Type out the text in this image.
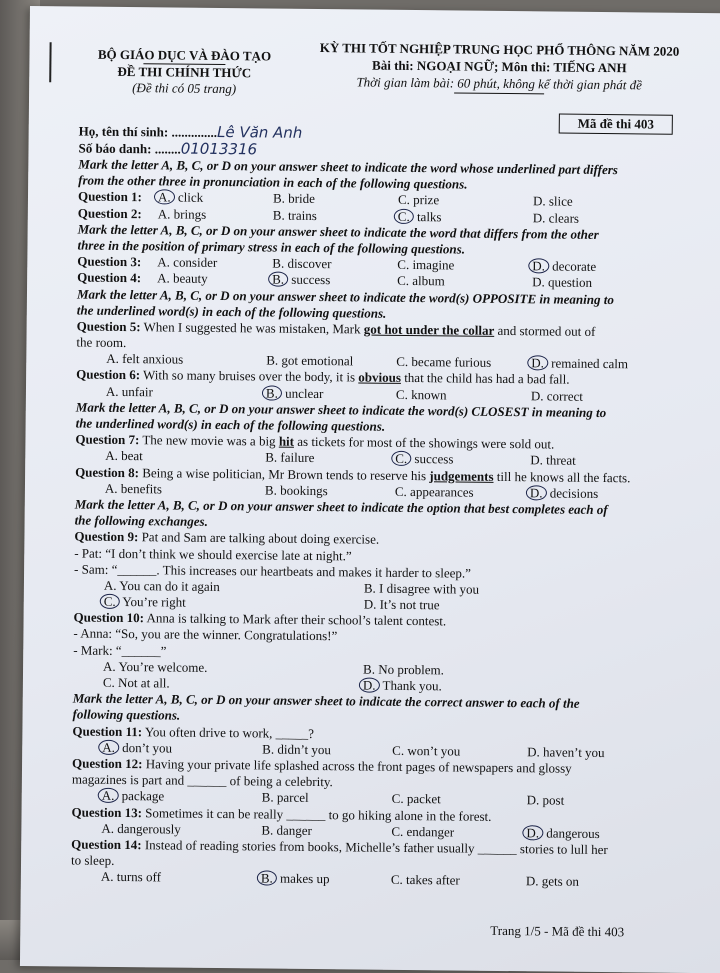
BỘ GIÁO DỤC VÀ ĐÀO TẠO
ĐỀ THI CHÍNH THỨC
(Đề thi có 05 trang)
KỲ THI TỐT NGHIỆP TRUNG HỌC PHỔ THÔNG NĂM 2020
Bài thi: NGOẠI NGỮ; Môn thi: TIẾNG ANH
Thời gian làm bài: 60 phút, không kể thời gian phát đề
Mã đề thi 403
Họ, tên thí sinh: ..............Lê Văn Anh
Số báo danh: ........01013316
Mark the letter A, B, C, or D on your answer sheet to indicate the word whose underlined part differs
from the other three in pronunciation in each of the following questions.
Question 1: A. click	B. bride	C. prize	D. slice
Question 2: A. brings	B. trains	C. talks	D. clears
Mark the letter A, B, C, or D on your answer sheet to indicate the word that differs from the other
three in the position of primary stress in each of the following questions.
Question 3: A. consider	B. discover	C. imagine	D. decorate
Question 4: A. beauty	B. success	C. album	D. question
Mark the letter A, B, C, or D on your answer sheet to indicate the word(s) OPPOSITE in meaning to
the underlined word(s) in each of the following questions.
Question 5: When I suggested he was mistaken, Mark got hot under the collar and stormed out of
the room.
A. felt anxious	B. got emotional	C. became furious	D. remained calm
Question 6: With so many bruises over the body, it is obvious that the child has had a bad fall.
A. unfair	B. unclear	C. known	D. correct
Mark the letter A, B, C, or D on your answer sheet to indicate the word(s) CLOSEST in meaning to
the underlined word(s) in each of the following questions.
Question 7: The new movie was a big hit as tickets for most of the showings were sold out.
A. beat	B. failure	C. success	D. threat
Question 8: Being a wise politician, Mr Brown tends to reserve his judgements till he knows all the facts.
A. benefits	B. bookings	C. appearances	D. decisions
Mark the letter A, B, C, or D on your answer sheet to indicate the option that best completes each of
the following exchanges.
Question 9: Pat and Sam are talking about doing exercise.
- Pat: “I don’t think we should exercise late at night.”
- Sam: “______. This increases our heartbeats and makes it harder to sleep.”
A. You can do it again	B. I disagree with you
C. You’re right	D. It’s not true
Question 10: Anna is talking to Mark after their school’s talent contest.
- Anna: “So, you are the winner. Congratulations!”
- Mark: “______”
A. You’re welcome.	B. No problem.
C. Not at all.	D. Thank you.
Mark the letter A, B, C, or D on your answer sheet to indicate the correct answer to each of the
following questions.
Question 11: You often drive to work, _____?
A. don’t you	B. didn’t you	C. won’t you	D. haven’t you
Question 12: Having your private life splashed across the front pages of newspapers and glossy
magazines is part and ______ of being a celebrity.
A. package	B. parcel	C. packet	D. post
Question 13: Sometimes it can be really ______ to go hiking alone in the forest.
A. dangerously	B. danger	C. endanger	D. dangerous
Question 14: Instead of reading stories from books, Michelle’s father usually ______ stories to lull her
to sleep.
A. turns off	B. makes up	C. takes after	D. gets on
Trang 1/5 - Mã đề thi 403
